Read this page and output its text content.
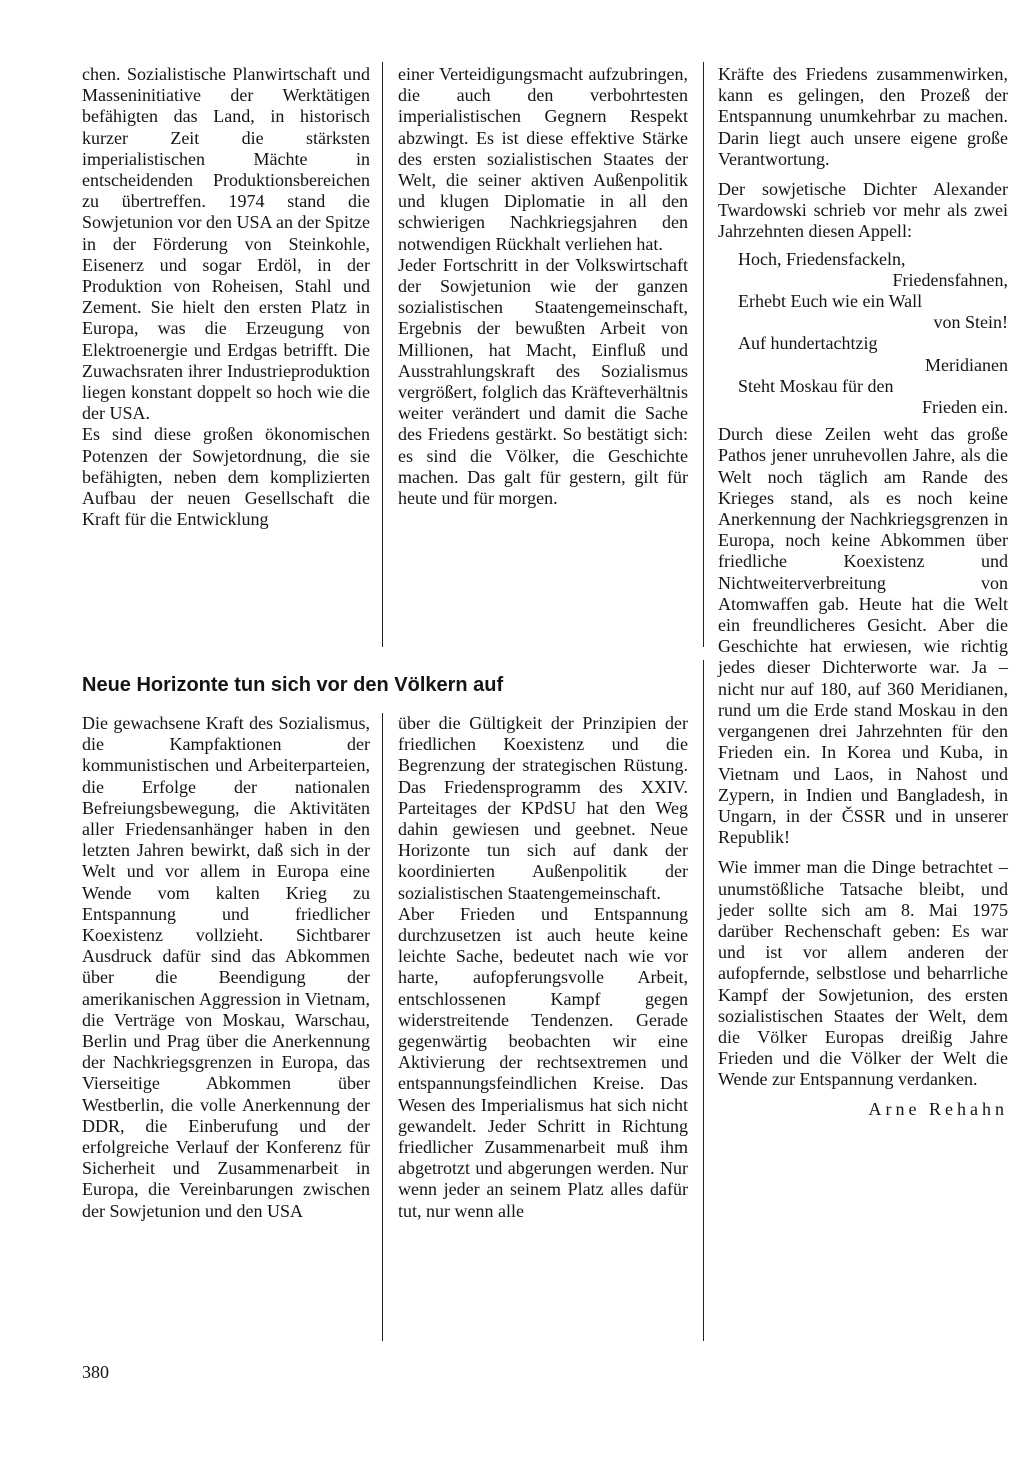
chen. Sozialistische Planwirtschaft und Masseninitiative der Werktätigen befähigten das Land, in historisch kurzer Zeit die stärksten imperialistischen Mächte in entscheidenden Produktionsbereichen zu übertreffen. 1974 stand die Sowjetunion vor den USA an der Spitze in der Förderung von Steinkohle, Eisenerz und sogar Erdöl, in der Produktion von Roheisen, Stahl und Zement. Sie hielt den ersten Platz in Europa, was die Erzeugung von Elektroenergie und Erdgas betrifft. Die Zuwachsraten ihrer Industrieproduktion liegen konstant doppelt so hoch wie die der USA.

Es sind diese großen ökonomischen Potenzen der Sowjetordnung, die sie befähigten, neben dem komplizierten Aufbau der neuen Gesellschaft die Kraft für die Entwicklung

einer Verteidigungsmacht aufzubringen, die auch den verbohrtesten imperialistischen Gegnern Respekt abzwingt. Es ist diese effektive Stärke des ersten sozialistischen Staates der Welt, die seiner aktiven Außenpolitik und klugen Diplomatie in all den schwierigen Nachkriegsjahren den notwendigen Rückhalt verliehen hat.

Jeder Fortschritt in der Volkswirtschaft der Sowjetunion wie der ganzen sozialistischen Staatengemeinschaft, Ergebnis der bewußten Arbeit von Millionen, hat Macht, Einfluß und Ausstrahlungskraft des Sozialismus vergrößert, folglich das Kräfteverhältnis weiter verändert und damit die Sache des Friedens gestärkt. So bestätigt sich: es sind die Völker, die Geschichte machen. Das galt für gestern, gilt für heute und für morgen.

Neue Horizonte tun sich vor den Völkern auf

Die gewachsene Kraft des Sozialismus, die Kampfaktionen der kommunistischen und Arbeiterparteien, die Erfolge der nationalen Befreiungsbewegung, die Aktivitäten aller Friedensanhänger haben in den letzten Jahren bewirkt, daß sich in der Welt und vor allem in Europa eine Wende vom kalten Krieg zu Entspannung und friedlicher Koexistenz vollzieht. Sichtbarer Ausdruck dafür sind das Abkommen über die Beendigung der amerikanischen Aggression in Vietnam, die Verträge von Moskau, Warschau, Berlin und Prag über die Anerkennung der Nachkriegsgrenzen in Europa, das Vierseitige Abkommen über Westberlin, die volle Anerkennung der DDR, die Einberufung und der erfolgreiche Verlauf der Konferenz für Sicherheit und Zusammenarbeit in Europa, die Vereinbarungen zwischen der Sowjetunion und den USA

über die Gültigkeit der Prinzipien der friedlichen Koexistenz und die Begrenzung der strategischen Rüstung. Das Friedensprogramm des XXIV. Parteitages der KPdSU hat den Weg dahin gewiesen und geebnet. Neue Horizonte tun sich auf dank der koordinierten Außenpolitik der sozialistischen Staatengemeinschaft.

Aber Frieden und Entspannung durchzusetzen ist auch heute keine leichte Sache, bedeutet nach wie vor harte, aufopferungsvolle Arbeit, entschlossenen Kampf gegen widerstreitende Tendenzen. Gerade gegenwärtig beobachten wir eine Aktivierung der rechtsextremen und entspannungsfeindlichen Kreise. Das Wesen des Imperialismus hat sich nicht gewandelt. Jeder Schritt in Richtung friedlicher Zusammenarbeit muß ihm abgetrotzt und abgerungen werden. Nur wenn jeder an seinem Platz alles dafür tut, nur wenn alle

Kräfte des Friedens zusammenwirken, kann es gelingen, den Prozeß der Entspannung unumkehrbar zu machen. Darin liegt auch unsere eigene große Verantwortung.

Der sowjetische Dichter Alexander Twardowski schrieb vor mehr als zwei Jahrzehnten diesen Appell:

Hoch, Friedensfackeln,
Friedensfahnen,
Erhebt Euch wie ein Wall
von Stein!
Auf hundertachtzig
Meridianen
Steht Moskau für den
Frieden ein.

Durch diese Zeilen weht das große Pathos jener unruhevollen Jahre, als die Welt noch täglich am Rande des Krieges stand, als es noch keine Anerkennung der Nachkriegsgrenzen in Europa, noch keine Abkommen über friedliche Koexistenz und Nichtweiterverbreitung von Atomwaffen gab. Heute hat die Welt ein freundlicheres Gesicht. Aber die Geschichte hat erwiesen, wie richtig jedes dieser Dichterworte war. Ja – nicht nur auf 180, auf 360 Meridianen, rund um die Erde stand Moskau in den vergangenen drei Jahrzehnten für den Frieden ein. In Korea und Kuba, in Vietnam und Laos, in Nahost und Zypern, in Indien und Bangladesh, in Ungarn, in der ČSSR und in unserer Republik!

Wie immer man die Dinge betrachtet – unumstößliche Tatsache bleibt, und jeder sollte sich am 8. Mai 1975 darüber Rechenschaft geben: Es war und ist vor allem anderen der aufopfernde, selbstlose und beharrliche Kampf der Sowjetunion, des ersten sozialistischen Staates der Welt, dem die Völker Europas dreißig Jahre Frieden und die Völker der Welt die Wende zur Entspannung verdanken.

Arne Rehahn
380
